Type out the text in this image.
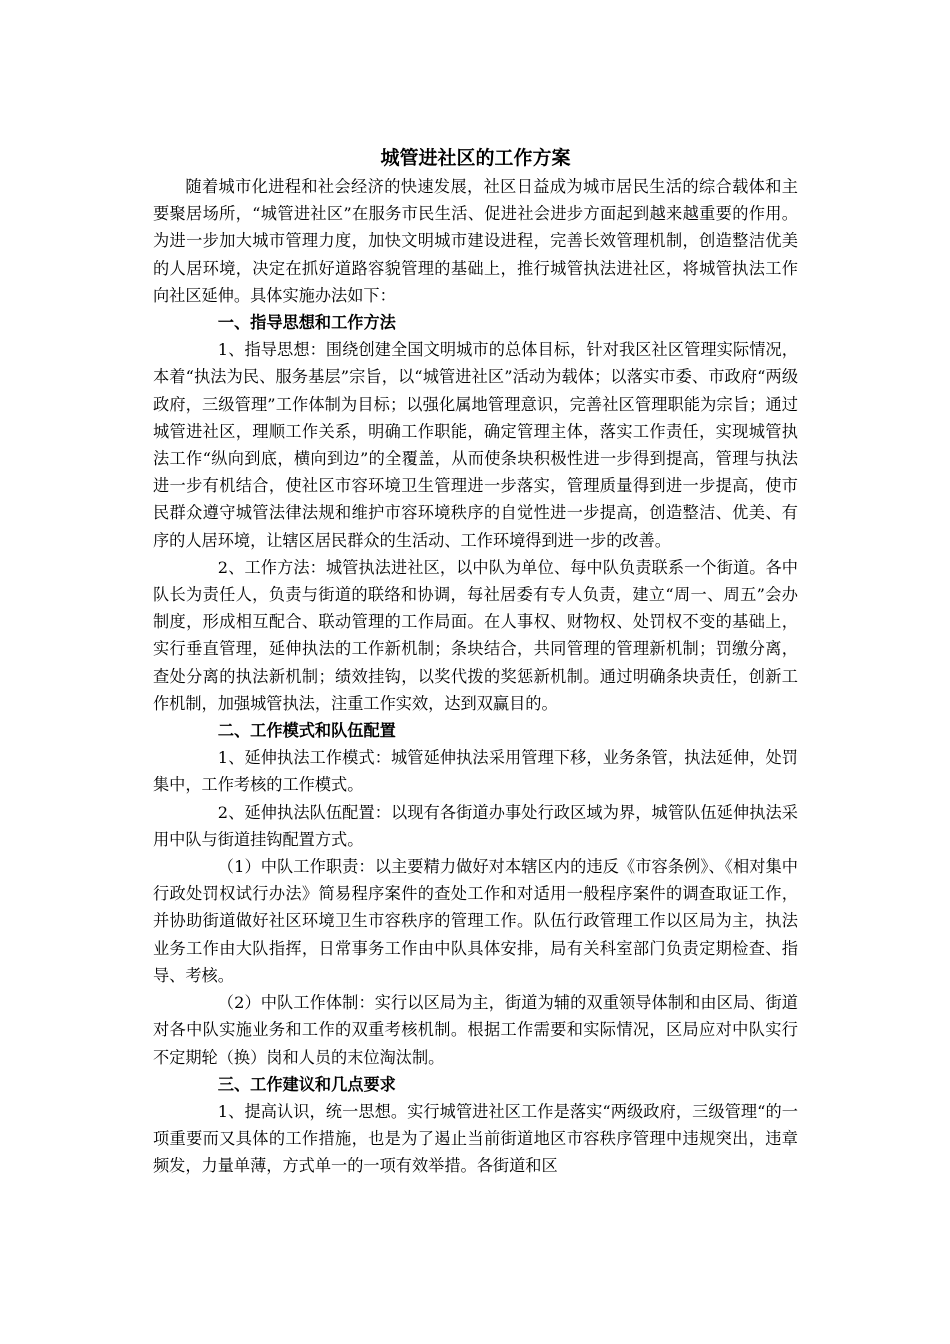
城管进社区的工作方案

随着城市化进程和社会经济的快速发展，社区日益成为城市居民生活的综合载体和主要聚居场所，“城管进社区”在服务市民生活、促进社会进步方面起到越来越重要的作用。为进一步加大城市管理力度，加快文明城市建设进程，完善长效管理机制，创造整洁优美的人居环境，决定在抓好道路容貌管理的基础上，推行城管执法进社区，将城管执法工作向社区延伸。具体实施办法如下：

一、指导思想和工作方法

1、指导思想：围绕创建全国文明城市的总体目标，针对我区社区管理实际情况，本着“执法为民、服务基层”宗旨，以“城管进社区”活动为载体；以落实市委、市政府“两级政府，三级管理”工作体制为目标；以强化属地管理意识，完善社区管理职能为宗旨；通过城管进社区，理顺工作关系，明确工作职能，确定管理主体，落实工作责任，实现城管执法工作“纵向到底，横向到边”的全覆盖，从而使条块积极性进一步得到提高，管理与执法进一步有机结合，使社区市容环境卫生管理进一步落实，管理质量得到进一步提高，使市民群众遵守城管法律法规和维护市容环境秩序的自觉性进一步提高，创造整洁、优美、有序的人居环境，让辖区居民群众的生活动、工作环境得到进一步的改善。

2、工作方法：城管执法进社区，以中队为单位、每中队负责联系一个街道。各中队长为责任人，负责与街道的联络和协调，每社居委有专人负责，建立“周一、周五”会办制度，形成相互配合、联动管理的工作局面。在人事权、财物权、处罚权不变的基础上，实行垂直管理，延伸执法的工作新机制；条块结合，共同管理的管理新机制；罚缴分离，查处分离的执法新机制；绩效挂钩，以奖代拨的奖惩新机制。通过明确条块责任，创新工作机制，加强城管执法，注重工作实效，达到双赢目的。

二、工作模式和队伍配置

1、延伸执法工作模式：城管延伸执法采用管理下移，业务条管，执法延伸，处罚集中，工作考核的工作模式。

2、延伸执法队伍配置：以现有各街道办事处行政区域为界，城管队伍延伸执法采用中队与街道挂钩配置方式。

（1）中队工作职责：以主要精力做好对本辖区内的违反《市容条例》、《相对集中行政处罚权试行办法》简易程序案件的查处工作和对适用一般程序案件的调查取证工作，并协助街道做好社区环境卫生市容秩序的管理工作。队伍行政管理工作以区局为主，执法业务工作由大队指挥，日常事务工作由中队具体安排，局有关科室部门负责定期检查、指导、考核。

（2）中队工作体制：实行以区局为主，街道为辅的双重领导体制和由区局、街道对各中队实施业务和工作的双重考核机制。根据工作需要和实际情况，区局应对中队实行不定期轮（换）岗和人员的末位淘汰制。

三、工作建议和几点要求

1、提高认识，统一思想。实行城管进社区工作是落实“两级政府，三级管理“的一项重要而又具体的工作措施，也是为了遏止当前街道地区市容秩序管理中违规突出，违章频发，力量单薄，方式单一的一项有效举措。各街道和区
